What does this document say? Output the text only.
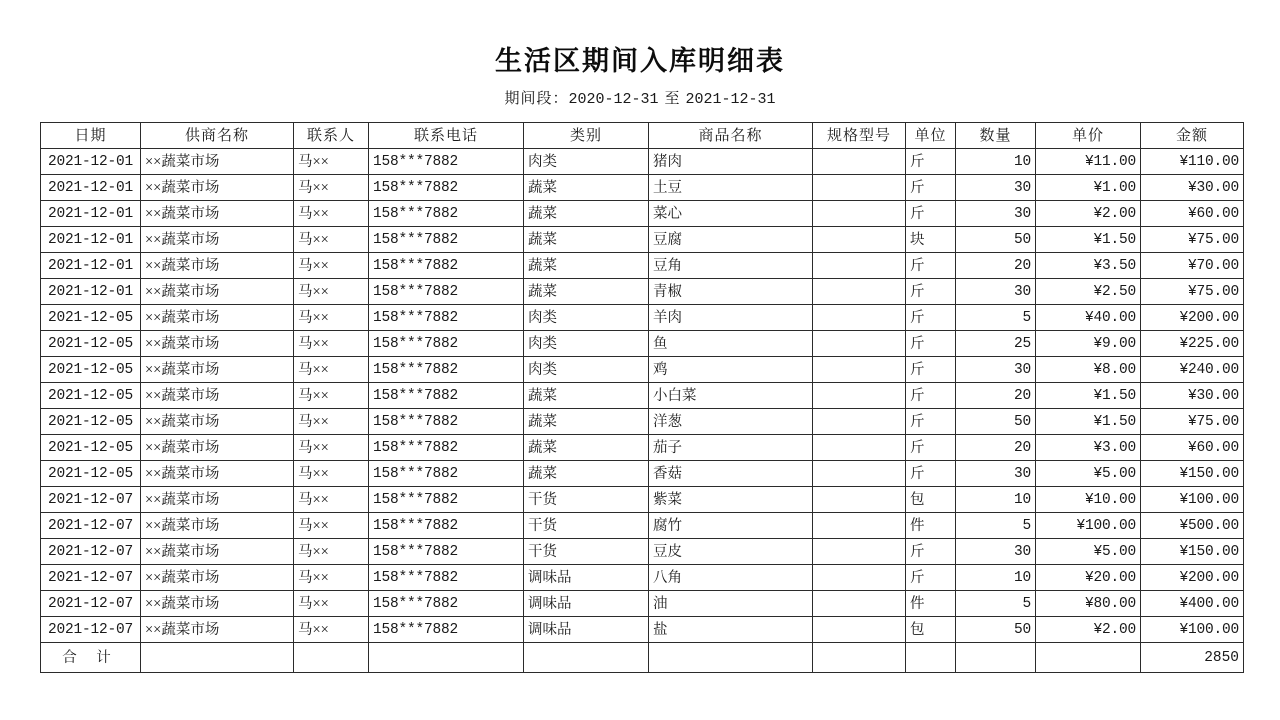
生活区期间入库明细表
期间段：2020-12-31 至 2021-12-31
日期	供商名称	联系人	联系电话	类别	商品名称	规格型号	单位	数量	单价	金额
2021-12-01	××蔬菜市场	马××	158***7882	肉类	猪肉		斤	10	¥11.00	¥110.00
2021-12-01	××蔬菜市场	马××	158***7882	蔬菜	土豆		斤	30	¥1.00	¥30.00
2021-12-01	××蔬菜市场	马××	158***7882	蔬菜	菜心		斤	30	¥2.00	¥60.00
2021-12-01	××蔬菜市场	马××	158***7882	蔬菜	豆腐		块	50	¥1.50	¥75.00
2021-12-01	××蔬菜市场	马××	158***7882	蔬菜	豆角		斤	20	¥3.50	¥70.00
2021-12-01	××蔬菜市场	马××	158***7882	蔬菜	青椒		斤	30	¥2.50	¥75.00
2021-12-05	××蔬菜市场	马××	158***7882	肉类	羊肉		斤	5	¥40.00	¥200.00
2021-12-05	××蔬菜市场	马××	158***7882	肉类	鱼		斤	25	¥9.00	¥225.00
2021-12-05	××蔬菜市场	马××	158***7882	肉类	鸡		斤	30	¥8.00	¥240.00
2021-12-05	××蔬菜市场	马××	158***7882	蔬菜	小白菜		斤	20	¥1.50	¥30.00
2021-12-05	××蔬菜市场	马××	158***7882	蔬菜	洋葱		斤	50	¥1.50	¥75.00
2021-12-05	××蔬菜市场	马××	158***7882	蔬菜	茄子		斤	20	¥3.00	¥60.00
2021-12-05	××蔬菜市场	马××	158***7882	蔬菜	香菇		斤	30	¥5.00	¥150.00
2021-12-07	××蔬菜市场	马××	158***7882	干货	紫菜		包	10	¥10.00	¥100.00
2021-12-07	××蔬菜市场	马××	158***7882	干货	腐竹		件	5	¥100.00	¥500.00
2021-12-07	××蔬菜市场	马××	158***7882	干货	豆皮		斤	30	¥5.00	¥150.00
2021-12-07	××蔬菜市场	马××	158***7882	调味品	八角		斤	10	¥20.00	¥200.00
2021-12-07	××蔬菜市场	马××	158***7882	调味品	油		件	5	¥80.00	¥400.00
2021-12-07	××蔬菜市场	马××	158***7882	调味品	盐		包	50	¥2.00	¥100.00
合 计										2850
